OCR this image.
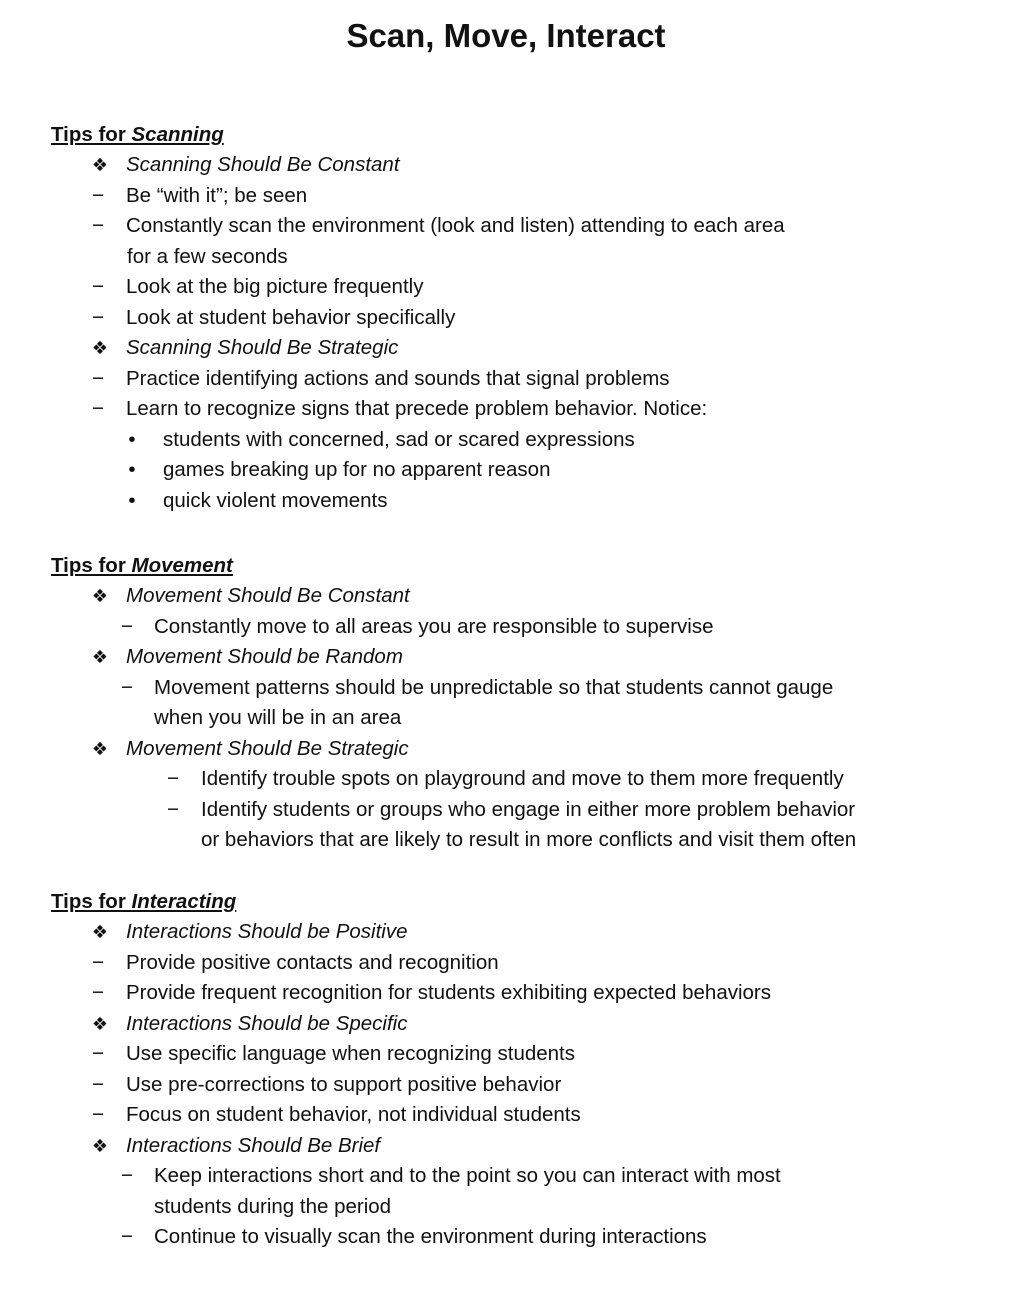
Scan, Move, Interact
Tips for Scanning
❖ Scanning Should Be Constant
− Be “with it”; be seen
− Constantly scan the environment (look and listen) attending to each area
for a few seconds
− Look at the big picture frequently
− Look at student behavior specifically
❖ Scanning Should Be Strategic
− Practice identifying actions and sounds that signal problems
− Learn to recognize signs that precede problem behavior. Notice:
•	students with concerned, sad or scared expressions
•	games breaking up for no apparent reason
•	quick violent movements
Tips for Movement
❖ Movement Should Be Constant
− Constantly move to all areas you are responsible to supervise
❖ Movement Should be Random
− Movement patterns should be unpredictable so that students cannot gauge
when you will be in an area
❖ Movement Should Be Strategic
− Identify trouble spots on playground and move to them more frequently
− Identify students or groups who engage in either more problem behavior
or behaviors that are likely to result in more conflicts and visit them often
Tips for Interacting
❖ Interactions Should be Positive
− Provide positive contacts and recognition
− Provide frequent recognition for students exhibiting expected behaviors
❖ Interactions Should be Specific
− Use specific language when recognizing students
− Use pre-corrections to support positive behavior
− Focus on student behavior, not individual students
❖ Interactions Should Be Brief
− Keep interactions short and to the point so you can interact with most
students during the period
− Continue to visually scan the environment during interactions
